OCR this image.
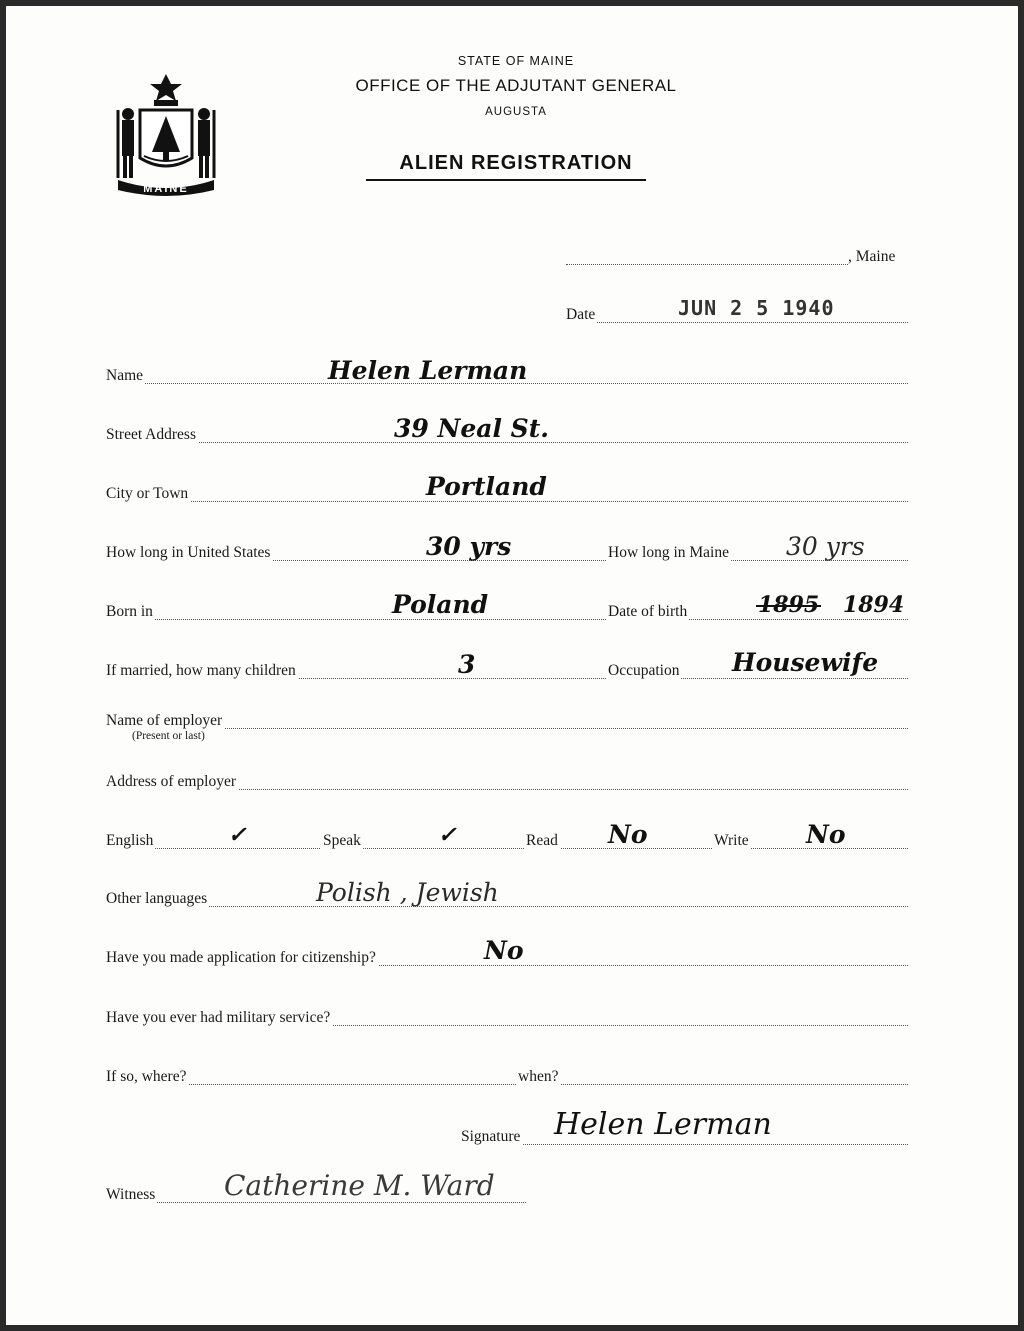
MAINE
STATE OF MAINE
OFFICE OF THE ADJUTANT GENERAL
AUGUSTA
ALIEN REGISTRATION
, Maine
Date	JUN 2 5 1940
Name	Helen Lerman
Street Address	39 Neal St.
City or Town	Portland
How long in United States	30 yrs	How long in Maine 30 yrs
Born in	Poland	Date of birth	1895 1894
If married, how many children	3	Occupation Housewife
Name of employer
(Present or last)
Address of employer
English	✓	Speak	✓	Read No	Write No
Other languages	Polish , Jewish
Have you made application for citizenship?	No
Have you ever had military service?
If so, where?	when?
Signature Helen Lerman
Witness Catherine M. Ward
